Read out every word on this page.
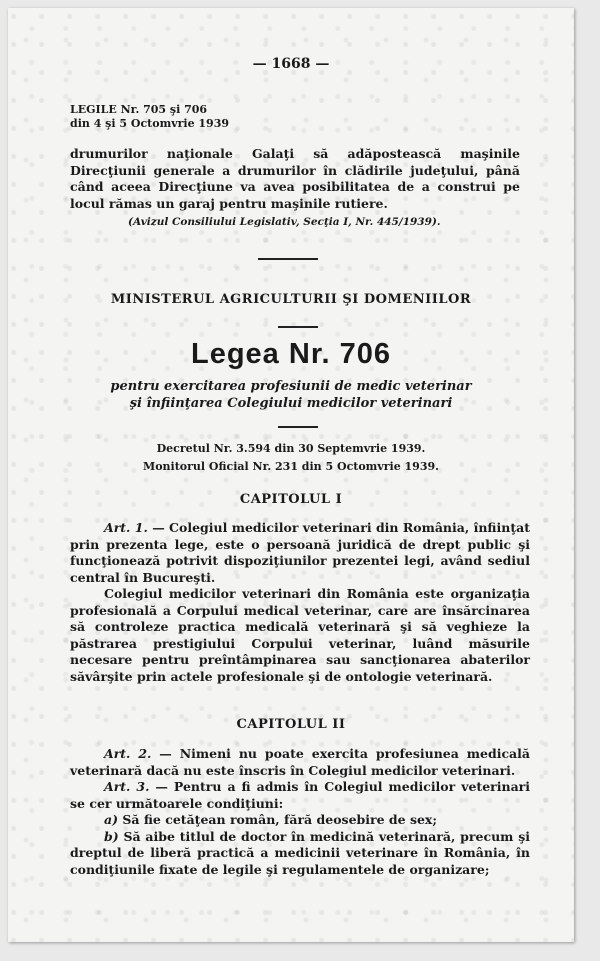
— 1668 —
LEGILE Nr. 705 şi 706
din 4 şi 5 Octomvrie 1939
drumurilor naţionale Galaţi să adăpostească maşinile Direcţiunii generale a drumurilor în clădirile judeţului, până când aceea Direcţiune va avea posibilitatea de a construi pe locul rămas un garaj pentru maşinile rutiere.
(Avizul Consiliului Legislativ, Secţia I, Nr. 445/1939).
MINISTERUL AGRICULTURII ŞI DOMENIILOR
Legea Nr. 706
pentru exercitarea profesiunii de medic veterinar
şi înfiinţarea Colegiului medicilor veterinari
Decretul Nr. 3.594 din 30 Septemvrie 1939.
Monitorul Oficial Nr. 231 din 5 Octomvrie 1939.
CAPITOLUL I
Art. 1. — Colegiul medicilor veterinari din România, înfiinţat prin prezenta lege, este o persoană juridică de drept public şi funcţionează potrivit dispoziţiunilor prezentei legi, având sediul central în Bucureşti.
Colegiul medicilor veterinari din România este organizaţia profesională a Corpului medical veterinar, care are însărcinarea să controleze practica medicală veterinară şi să veghieze la păstrarea prestigiului Corpului veterinar, luând măsurile necesare pentru preîntâmpinarea sau sancţionarea abaterilor săvârşite prin actele profesionale şi de ontologie veterinară.
CAPITOLUL II
Art. 2. — Nimeni nu poate exercita profesiunea medicală veterinară dacă nu este înscris în Colegiul medicilor veterinari.
Art. 3. — Pentru a fi admis în Colegiul medicilor veterinari se cer următoarele condiţiuni:
a) Să fie cetăţean român, fără deosebire de sex;
b) Să aibe titlul de doctor în medicină veterinară, precum şi dreptul de liberă practică a medicinii veterinare în România, în condiţiunile fixate de legile şi regulamentele de organizare;
